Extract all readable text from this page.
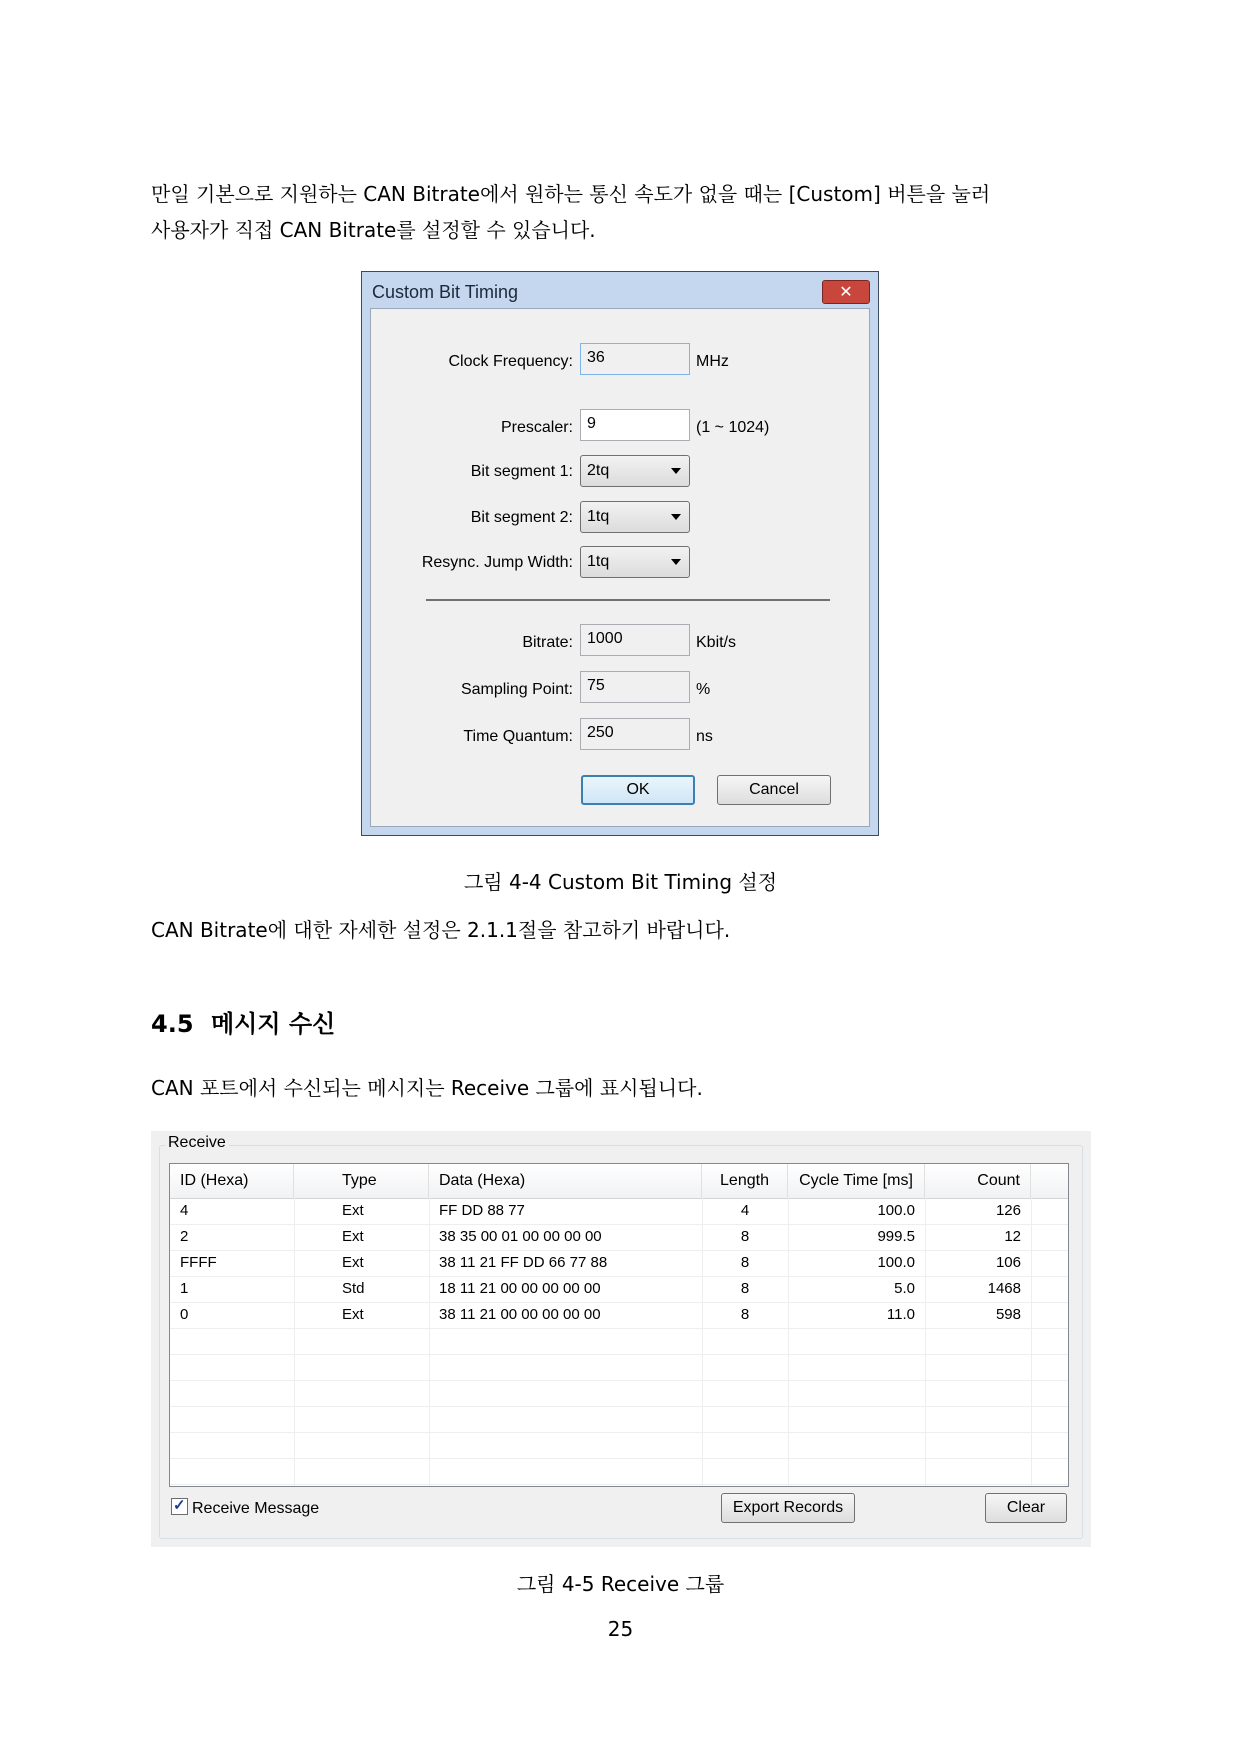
만일 기본으로 지원하는 CAN Bitrate에서 원하는 통신 속도가 없을 때는 [Custom] 버튼을 눌러
사용자가 직접 CAN Bitrate를 설정할 수 있습니다.
Custom Bit Timing	✕
Clock Frequency: 36	MHz
Prescaler: 9	(1 ~ 1024)
Bit segment 1: 2tq
Bit segment 2: 1tq
Resync. Jump Width: 1tq
Bitrate: 1000	Kbit/s
Sampling Point: 75	%
Time Quantum: 250	ns
OK	Cancel
그림 4-4 Custom Bit Timing 설정
CAN Bitrate에 대한 자세한 설정은 2.1.1절을 참고하기 바랍니다.
4.5 메시지 수신
CAN 포트에서 수신되는 메시지는 Receive 그룹에 표시됩니다.
Receive
ID (Hexa)	Type	Data (Hexa)	Length	Cycle Time [ms]	Count
4	Ext	FF DD 88 77	4	100.0	126
2	Ext	38 35 00 01 00 00 00 00	8	999.5	12
FFFF	Ext	38 11 21 FF DD 66 77 88	8	100.0	106
1	Std	18 11 21 00 00 00 00 00	8	5.0	1468
0	Ext	38 11 21 00 00 00 00 00	8	11.0	598
✓Receive Message	Export Records	Clear
그림 4-5 Receive 그룹
25
